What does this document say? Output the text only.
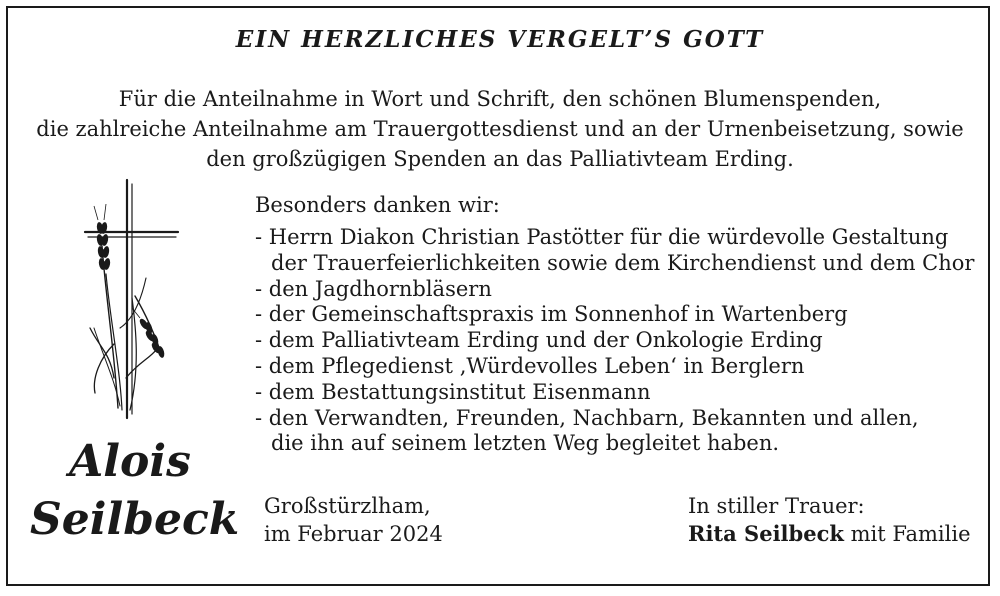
EIN HERZLICHES VERGELT’S GOTT
Für die Anteilnahme in Wort und Schrift, den schönen Blumenspenden,
die zahlreiche Anteilnahme am Trauergottesdienst und an der Urnenbeisetzung, sowie
den großzügigen Spenden an das Palliativteam Erding.
Besonders danken wir:
- Herrn Diakon Christian Pastötter für die würdevolle Gestaltung
der Trauerfeierlichkeiten sowie dem Kirchendienst und dem Chor
- den Jagdhornbläsern
- der Gemeinschaftspraxis im Sonnenhof in Wartenberg
- dem Palliativteam Erding und der Onkologie Erding
- dem Pflegedienst ‚Würdevolles Leben‘ in Berglern
- dem Bestattungsinstitut Eisenmann
- den Verwandten, Freunden, Nachbarn, Bekannten und allen,
die ihn auf seinem letzten Weg begleitet haben.
Alois
Seilbeck Großstürzlham,
im Februar 2024
In stiller Trauer:
Rita Seilbeck mit Familie
